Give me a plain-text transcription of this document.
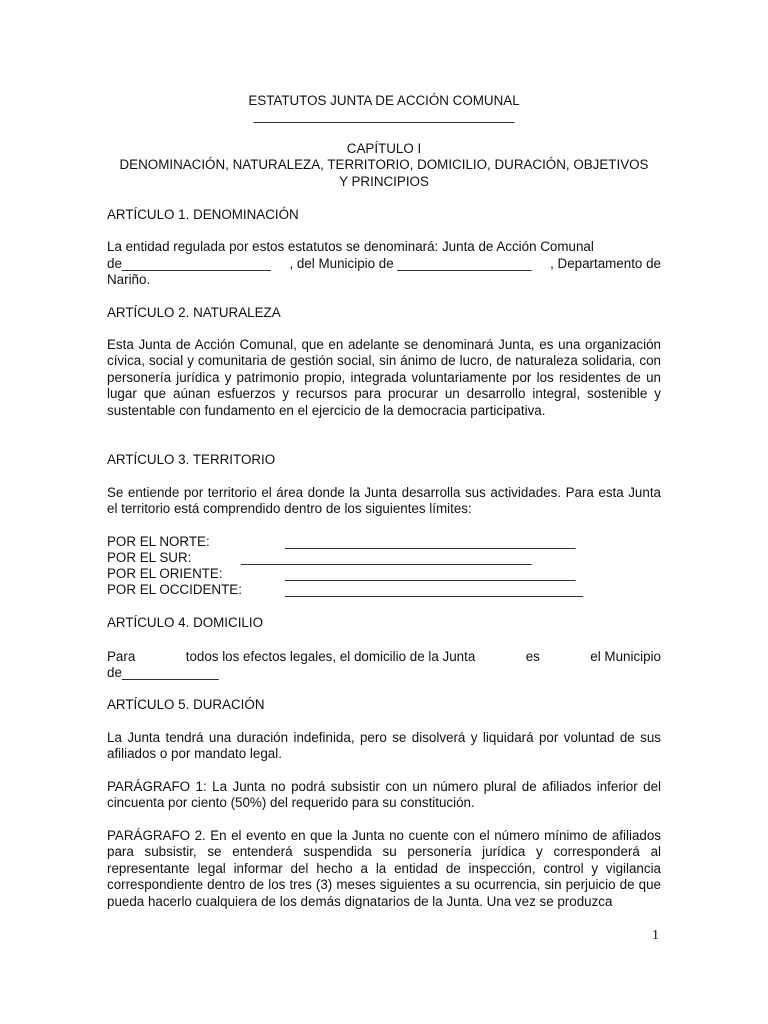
ESTATUTOS JUNTA DE ACCIÓN COMUNAL

___________________________________

CAPÍTULO I

DENOMINACIÓN, NATURALEZA, TERRITORIO, DOMICILIO, DURACIÓN, OBJETIVOS

Y PRINCIPIOS

ARTÍCULO 1. DENOMINACIÓN

La entidad regulada por estos estatutos se denominará: Junta de Acción Comunal

de____________________ , del Municipio de __________________ , Departamento de

Nariño.

ARTÍCULO 2. NATURALEZA

Esta Junta de Acción Comunal, que en adelante se denominará Junta, es una organización cívica, social y comunitaria de gestión social, sin ánimo de lucro, de naturaleza solidaria, con personería jurídica y patrimonio propio, integrada voluntariamente por los residentes de un lugar que aúnan esfuerzos y recursos para procurar un desarrollo integral, sostenible y sustentable con fundamento en el ejercicio de la democracia participativa.

ARTÍCULO 3. TERRITORIO

Se entiende por territorio el área donde la Junta desarrolla sus actividades. Para esta Junta el territorio está comprendido dentro de los siguientes límites:

POR EL NORTE:	_______________________________________
POR EL SUR:	_______________________________________
POR EL ORIENTE:	_______________________________________
POR EL OCCIDENTE:	________________________________________

ARTÍCULO 4. DOMICILIO

Para	todos los efectos legales, el domicilio de la Junta	es	el Municipio

de_____________

ARTÍCULO 5. DURACIÓN

La Junta tendrá una duración indefinida, pero se disolverá y liquidará por voluntad de sus afiliados o por mandato legal.

PARÁGRAFO 1: La Junta no podrá subsistir con un número plural de afiliados inferior del cincuenta por ciento (50%) del requerido para su constitución.

PARÁGRAFO 2. En el evento en que la Junta no cuente con el número mínimo de afiliados para subsistir, se entenderá suspendida su personería jurídica y corresponderá al representante legal informar del hecho a la entidad de inspección, control y vigilancia correspondiente dentro de los tres (3) meses siguientes a su ocurrencia, sin perjuicio de que pueda hacerlo cualquiera de los demás dignatarios de la Junta. Una vez se produzca

1
